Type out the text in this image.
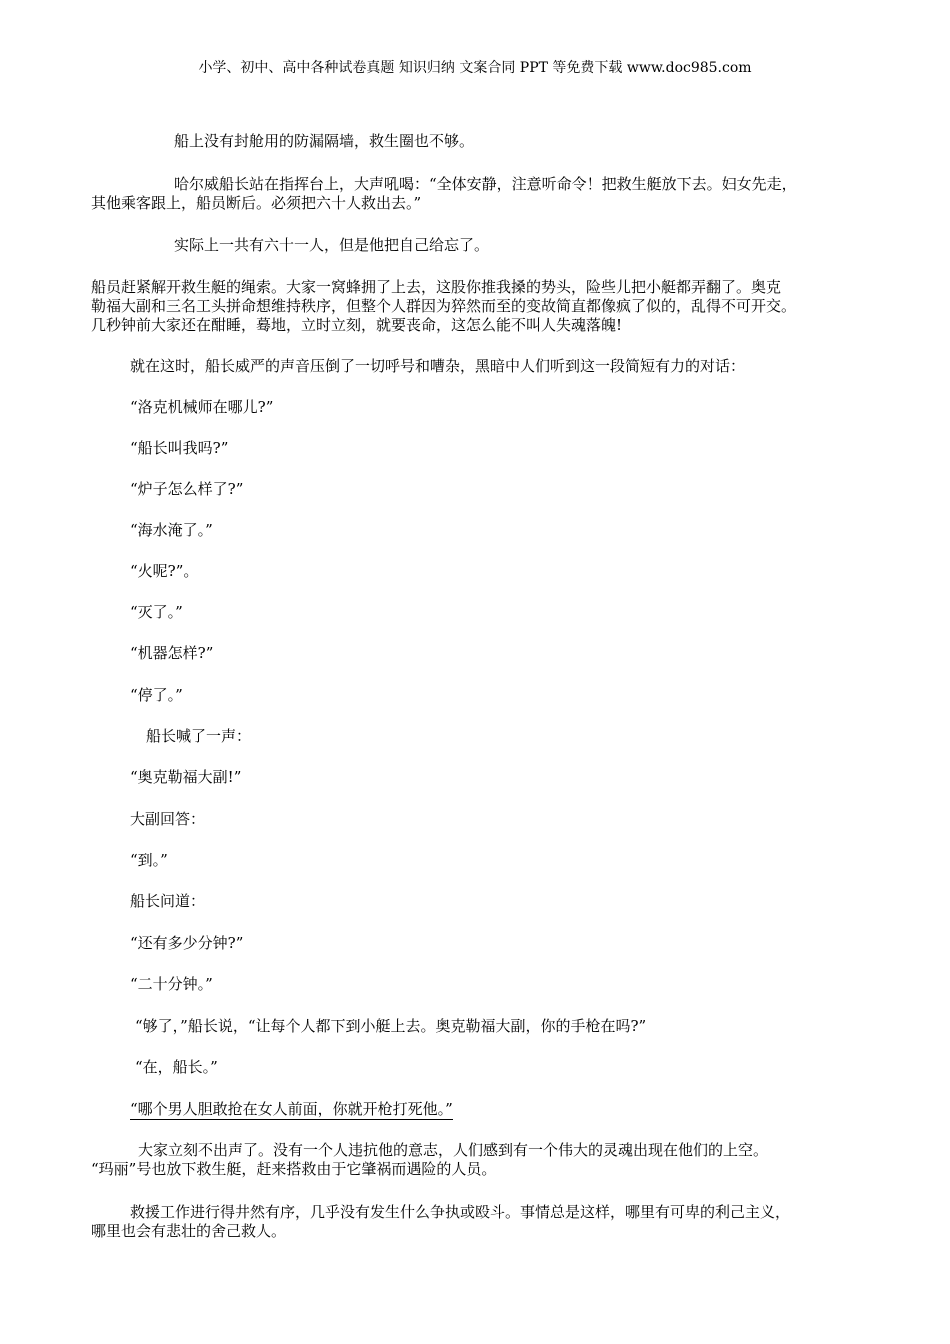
小学、初中、高中各种试卷真题 知识归纳 文案合同 PPT 等免费下载 www.doc985.com
船上没有封舱用的防漏隔墙，救生圈也不够。
哈尔威船长站在指挥台上，大声吼喝：“全体安静，注意听命令！把救生艇放下去。妇女先走，
其他乘客跟上，船员断后。必须把六十人救出去。”
实际上一共有六十一人，但是他把自己给忘了。
船员赶紧解开救生艇的绳索。大家一窝蜂拥了上去，这股你推我搡的势头，险些儿把小艇都弄翻了。奥克
勒福大副和三名工头拼命想维持秩序，但整个人群因为猝然而至的变故简直都像疯了似的，乱得不可开交。
几秒钟前大家还在酣睡，蓦地，立时立刻，就要丧命，这怎么能不叫人失魂落魄!
就在这时，船长威严的声音压倒了一切呼号和嘈杂，黑暗中人们听到这一段简短有力的对话：
“洛克机械师在哪儿?”
“船长叫我吗?”
“炉子怎么样了?”
“海水淹了。”
“火呢?”。
“灭了。”
“机器怎样?”
“停了。”
船长喊了一声：
“奥克勒福大副!”
大副回答：
“到。”
船长问道：
“还有多少分钟?”
“二十分钟。”
“够了，”船长说，“让每个人都下到小艇上去。奥克勒福大副，你的手枪在吗?”
“在，船长。”
“哪个男人胆敢抢在女人前面，你就开枪打死他。”
大家立刻不出声了。没有一个人违抗他的意志，人们感到有一个伟大的灵魂出现在他们的上空。
“玛丽”号也放下救生艇，赶来搭救由于它肇祸而遇险的人员。
救援工作进行得井然有序，几乎没有发生什么争执或殴斗。事情总是这样，哪里有可卑的利己主义，
哪里也会有悲壮的舍己救人。
